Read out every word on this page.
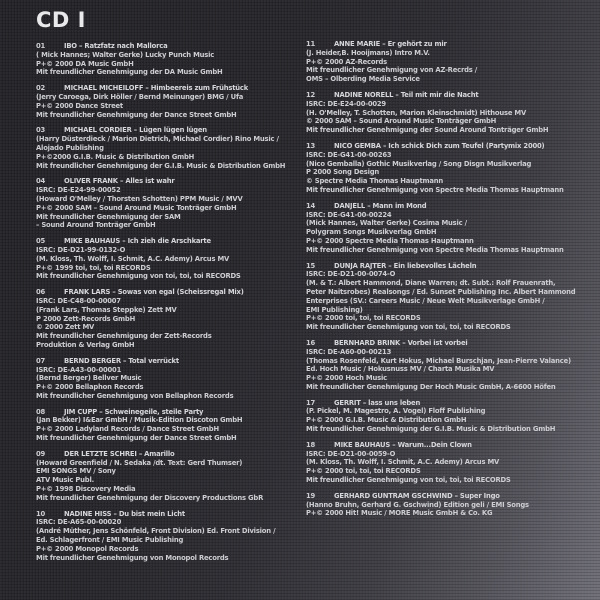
CD I
01	IBO – Ratzfatz nach Mallorca
( Mick Hannes; Walter Gerke) Lucky Punch Music
P+© 2000 DA Music GmbH
Mit freundlicher Genehmigung der DA Music GmbH
02	MICHAEL MICHEILOFF – Himbeereis zum Frühstück
(Jerry Caroega, Dirk Höller / Bernd Meinunger) BMG / Ufa
P+© 2000 Dance Street
Mit freundlicher Genehmigung der Dance Street GmbH
03	MICHAEL CORDIER – Lügen lügen lügen
(Harry Düsterdieck / Marion Dietrich, Michael Cordier) Rino Music /
Alojado Publishing
P+©2000 G.I.B. Music & Distribution GmbH
Mit freundlicher Genehmigung der G.I.B. Music & Distribution GmbH
04	OLIVER FRANK – Alles ist wahr
ISRC: DE-E24-99-00052
(Howard O'Melley / Thorsten Schotten) PPM Music / MVV
P+© 2000 SAM – Sound Around Music Tonträger GmbH
Mit freundlicher Genehmigung der SAM
– Sound Around Tonträger GmbH
05	MIKE BAUHAUS – Ich zieh die Arschkarte
ISRC: DE-D21-99-0132-O
(M. Kloss, Th. Wolff, I. Schmit, A.C. Ademy) Arcus MV
P+© 1999 toi, toi, toi RECORDS
Mit freundlicher Genehmigung von toi, toi, toi RECORDS
06	FRANK LARS – Sowas von egal (Scheissregal Mix)
ISRC: DE-C48-00-00007
(Frank Lars, Thomas Steppke) Zett MV
P 2000 Zett-Records GmbH
© 2000 Zett MV
Mit freundlicher Genehmigung der Zett-Records
Produktion & Verlag GmbH
07	BERND BERGER – Total verrückt
ISRC: DE-A43-00-00001
(Bernd Berger) Bellver Music
P+© 2000 Bellaphon Records
Mit freundlicher Genehmigung von Bellaphon Records
08	JIM CUPP – Schweinegeile, steile Party
(Jan Bekker) I&Ear GmbH / Musik-Edition Discoton GmbH
P+© 2000 Ladyland Records / Dance Street GmbH
Mit freundlicher Genehmigung der Dance Street GmbH
09	DER LETZTE SCHREI – Amarillo
(Howard Greenfield / N. Sedaka /dt. Text: Gerd Thumser)
EMI SONGS MV / Sony
ATV Music Publ.
P+© 1998 Discovery Media
Mit freundlicher Genehmigung der Discovery Productions GbR
10	NADINE HISS – Du bist mein Licht
ISRC: DE-A65-00-00020
(André Müther, Jens Schönfeld, Front Division) Ed. Front Division /
Ed. Schlagerfront / EMI Music Publishing
P+© 2000 Monopol Records
Mit freundlicher Genehmigung von Monopol Records
11	ANNE MARIE – Er gehört zu mir
(J. Heider,B. Hooijmans) Intro M.V.
P+© 2000 AZ-Records
Mit freundlicher Genehmigung von AZ-Recrds /
OMS – Olberding Media Service
12	NADINE NORELL – Teil mit mir die Nacht
ISRC: DE-E24-00-0029
(H. O'Melley, T. Schotten, Marion Kleinschmidt) Hithouse MV
© 2000 SAM – Sound Around Music Tonträger GmbH
Mit freundlicher Genehmigung der Sound Around Tonträger GmbH
13	NICO GEMBA – Ich schick Dich zum Teufel (Partymix 2000)
ISRC: DE-G41-00-00263
(Nico Gemballa) Gothic Musikverlag / Song Disgn Musikverlag
P 2000 Song Design
© Spectre Media Thomas Hauptmann
Mit freundlicher Genehmigung von Spectre Media Thomas Hauptmann
14	DANJELL – Mann im Mond
ISRC: DE-G41-00-00224
(Mick Hannes, Walter Gerke) Cosima Music /
Polygram Songs Musikverlag GmbH
P+© 2000 Spectre Media Thomas Hauptmann
Mit freundlicher Genehmigung von Spectre Media Thomas Hauptmann
15	DUNJA RAJTER – Ein liebevolles Lächeln
ISRC: DE-D21-00-0074-O
(M. & T.: Albert Hammond, Diane Warren; dt. Subt.: Rolf Frauenrath,
Peter Naitsrobes) Realsongs / Ed. Sunset Publishing Inc. Albert Hammond
Enterprises (SV.: Careers Music / Neue Welt Musikverlage GmbH /
EMI Publishing)
P+© 2000 toi, toi, toi RECORDS
Mit freundlicher Genehmigung von toi, toi, toi RECORDS
16	BERNHARD BRINK – Vorbei ist vorbei
ISRC: DE-A60-00-00213
(Thomas Rosenfeld, Kurt Hokus, Michael Burschjan, Jean-Pierre Valance)
Ed. Hoch Music / Hokusnuss MV / Charta Musika MV
P+© 2000 Hoch Music
Mit freundlicher Genehmigung Der Hoch Music GmbH, A-6600 Höfen
17	GERRIT – lass uns leben
(P. Pickel, M. Magestro, A. Vogel) Floff Publishing
P+© 2000 G.I.B. Music & Distribution GmbH
Mit freundlicher Genehmigung der G.I.B. Music & Distribution GmbH
18	MIKE BAUHAUS – Warum...Dein Clown
ISRC: DE-D21-00-0059-O
(M. Kloss, Th. Wolff, I. Schmit, A.C. Ademy) Arcus MV
P+© 2000 toi, toi, toi RECORDS
Mit freundlicher Genehmigung von toi, toi, toi RECORDS
19	GERHARD GUNTRAM GSCHWIND – Super Ingo
(Hanno Bruhn, Gerhard G. Gschwind) Edition geli / EMI Songs
P+© 2000 Hit! Music / MORE Music GmbH & Co. KG
